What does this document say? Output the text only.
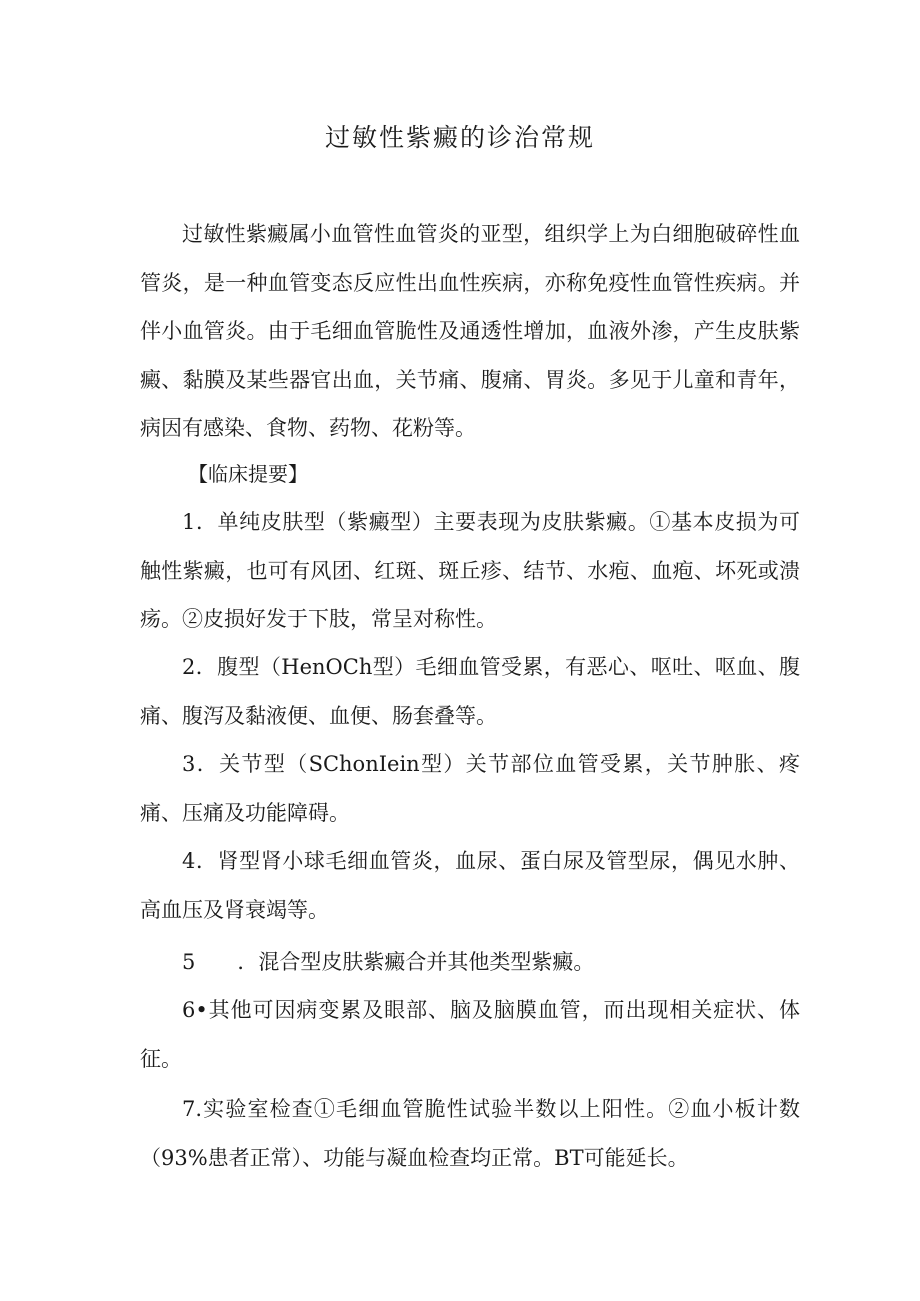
过敏性紫癜的诊治常规

过敏性紫癜属小血管性血管炎的亚型，组织学上为白细胞破碎性血管炎，是一种血管变态反应性出血性疾病，亦称免疫性血管性疾病。并伴小血管炎。由于毛细血管脆性及通透性增加，血液外渗，产生皮肤紫癜、黏膜及某些器官出血，关节痛、腹痛、胃炎。多见于儿童和青年，病因有感染、食物、药物、花粉等。

【临床提要】

1．单纯皮肤型（紫癜型）主要表现为皮肤紫癜。①基本皮损为可触性紫癜，也可有风团、红斑、斑丘疹、结节、水疱、血疱、坏死或溃疡。②皮损好发于下肢，常呈对称性。

2．腹型（HenOCh型）毛细血管受累，有恶心、呕吐、呕血、腹痛、腹泻及黏液便、血便、肠套叠等。

3．关节型（SChonIein型）关节部位血管受累，关节肿胀、疼痛、压痛及功能障碍。

4．肾型肾小球毛细血管炎，血尿、蛋白尿及管型尿，偶见水肿、高血压及肾衰竭等。

5　　．混合型皮肤紫癜合并其他类型紫癜。

6•其他可因病变累及眼部、脑及脑膜血管，而出现相关症状、体征。

7.实验室检查①毛细血管脆性试验半数以上阳性。②血小板计数（93%患者正常）、功能与凝血检查均正常。BT可能延长。
